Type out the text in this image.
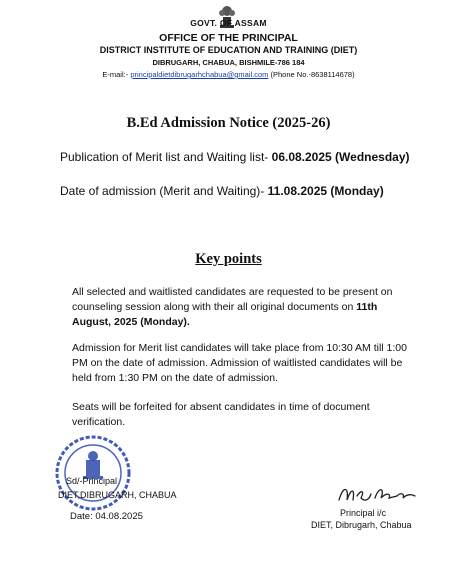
GOVT. OF ASSAM
OFFICE OF THE PRINCIPAL
DISTRICT INSTITUTE OF EDUCATION AND TRAINING (DIET)
DIBRUGARH, CHABUA, BISHMILE-786 184
E-mail:- principaldietdibrugarhchabua@gmail.com (Phone No.-8638114678)
B.Ed Admission Notice (2025-26)
Publication of Merit list and Waiting list- 06.08.2025 (Wednesday)
Date of admission (Merit and Waiting)- 11.08.2025 (Monday)
Key points
All selected and waitlisted candidates are requested to be present on counseling session along with their all original documents on 11th August, 2025 (Monday).
Admission for Merit list candidates will take place from 10:30 AM till 1:00 PM on the date of admission. Admission of waitlisted candidates will be held from 1:30 PM on the date of admission.
Seats will be forfeited for absent candidates in time of document verification.
Sd/-Principal
DIET,DIBRUGARH, CHABUA
Date: 04.08.2025	Principal i/c
DIET, Dibrugarh, Chabua
